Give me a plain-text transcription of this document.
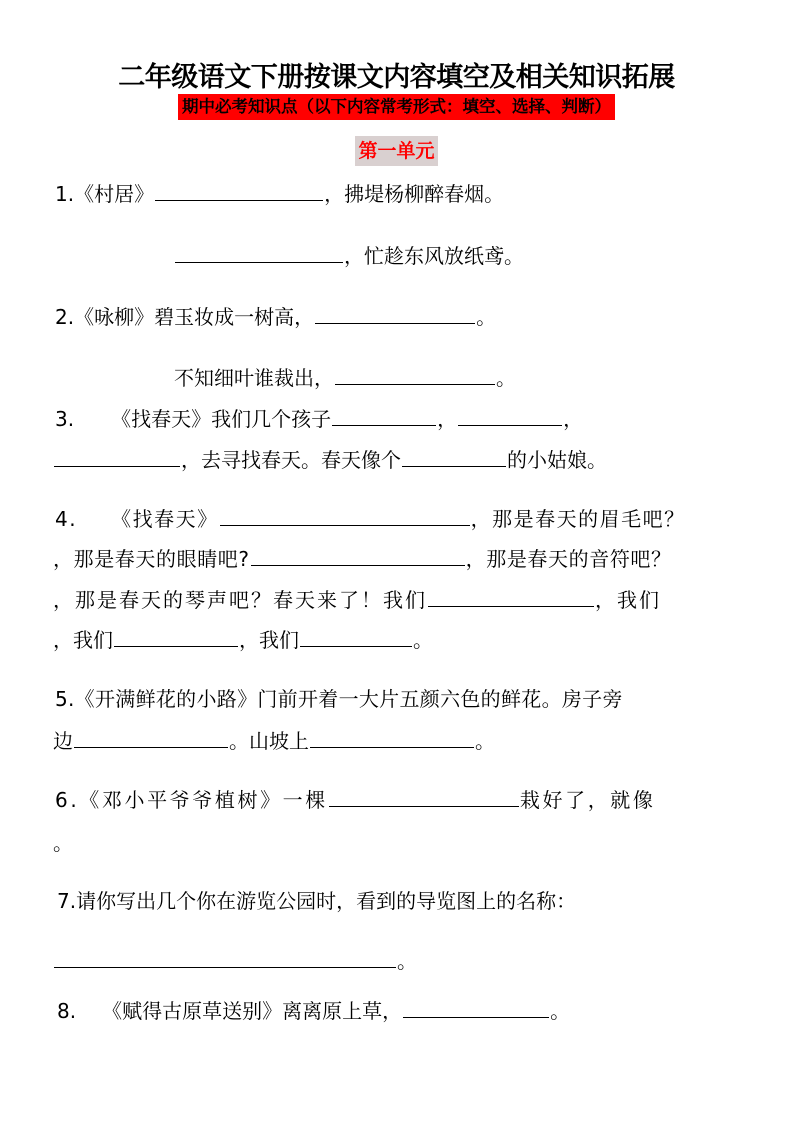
二年级语文下册按课文内容填空及相关知识拓展
期中必考知识点（以下内容常考形式：填空、选择、判断）
第一单元
1.《村居》	，拂堤杨柳醉春烟。
，忙趁东风放纸鸢。
2.《咏柳》碧玉妆成一树高，	。
不知细叶谁裁出，	。
3. 《找春天》我们几个孩子	，	，
，去寻找春天。春天像个	的小姑娘。
4. 《找春天》	，那是春天的眉毛吧？
，那是春天的眼睛吧?	，那是春天的音符吧？
，那是春天的琴声吧？春天来了！我们	，我们
，我们	，我们	。
5.《开满鲜花的小路》门前开着一大片五颜六色的鲜花。房子旁
边	。山坡上	。
6.《邓小平爷爷植树》一棵	栽好了，就像
。
7.请你写出几个你在游览公园时，看到的导览图上的名称：
。
8. 《赋得古原草送别》离离原上草，	。
